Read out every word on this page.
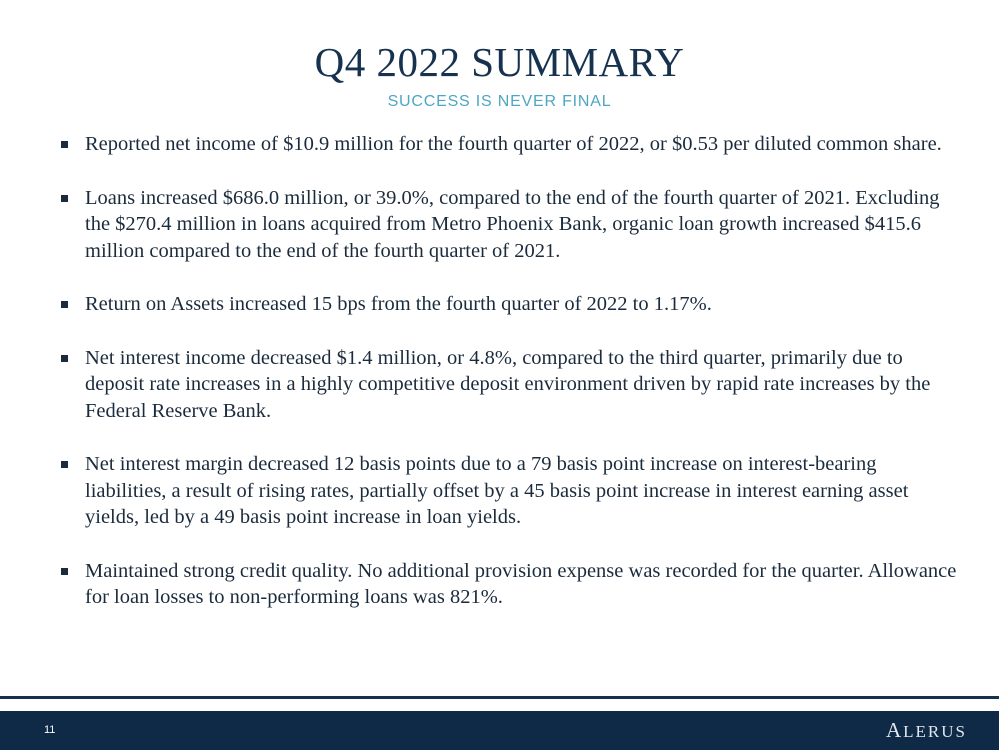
Q4 2022 SUMMARY
SUCCESS IS NEVER FINAL
Reported net income of $10.9 million for the fourth quarter of 2022, or $0.53 per diluted common share.
Loans increased $686.0 million, or 39.0%, compared to the end of the fourth quarter of 2021. Excluding the $270.4 million in loans acquired from Metro Phoenix Bank, organic loan growth increased $415.6 million compared to the end of the fourth quarter of 2021.
Return on Assets increased 15 bps from the fourth quarter of 2022 to 1.17%.
Net interest income decreased $1.4 million, or 4.8%, compared to the third quarter, primarily due to deposit rate increases in a highly competitive deposit environment driven by rapid rate increases by the Federal Reserve Bank.
Net interest margin decreased 12 basis points due to a 79 basis point increase on interest-bearing liabilities, a result of rising rates, partially offset by a 45 basis point increase in interest earning asset yields, led by a 49 basis point increase in loan yields.
Maintained strong credit quality. No additional provision expense was recorded for the quarter. Allowance for loan losses to non-performing loans was 821%.
11	ALERUS
